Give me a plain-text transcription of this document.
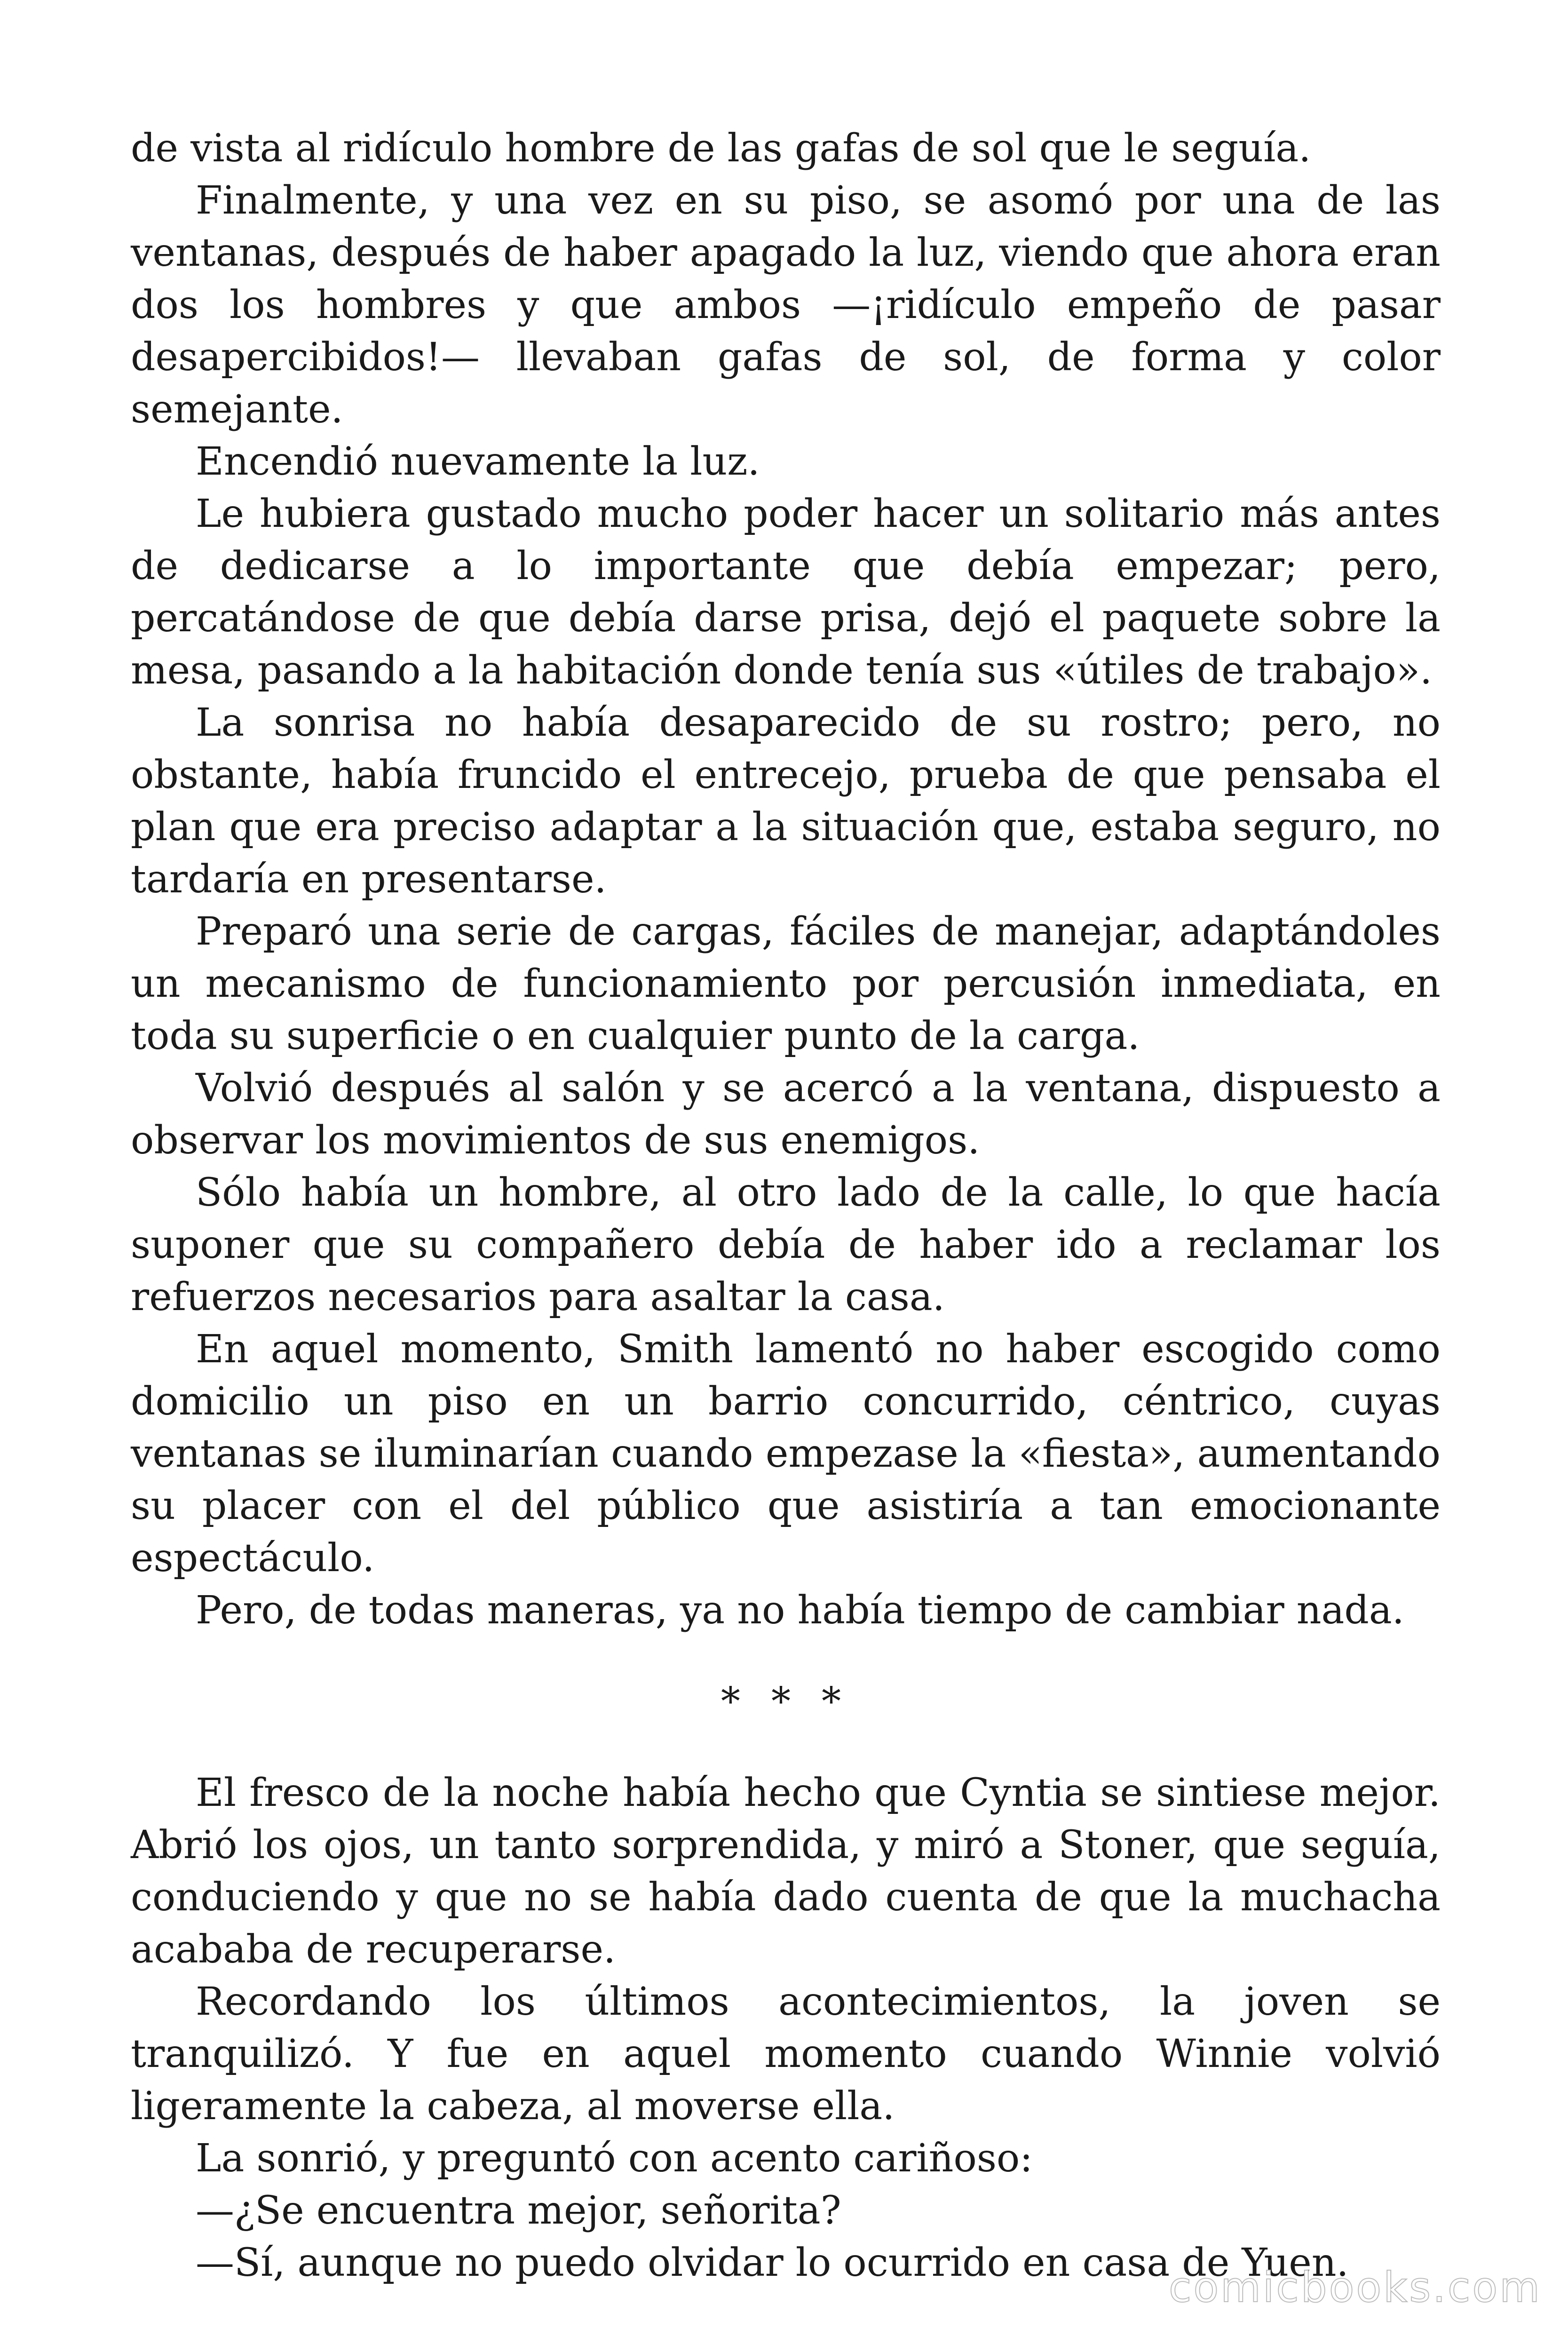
de vista al ridículo hombre de las gafas de sol que le seguía.

Finalmente, y una vez en su piso, se asomó por una de las ventanas, después de haber apagado la luz, viendo que ahora eran dos los hombres y que ambos —¡ridículo empeño de pasar desapercibidos!— llevaban gafas de sol, de forma y color semejante.

Encendió nuevamente la luz.

Le hubiera gustado mucho poder hacer un solitario más antes de dedicarse a lo importante que debía empezar; pero, percatándose de que debía darse prisa, dejó el paquete sobre la mesa, pasando a la habitación donde tenía sus «útiles de trabajo».

La sonrisa no había desaparecido de su rostro; pero, no obstante, había fruncido el entrecejo, prueba de que pensaba el plan que era preciso adaptar a la situación que, estaba seguro, no tardaría en presentarse.

Preparó una serie de cargas, fáciles de manejar, adaptándoles un mecanismo de funcionamiento por percusión inmediata, en toda su superficie o en cualquier punto de la carga.

Volvió después al salón y se acercó a la ventana, dispuesto a observar los movimientos de sus enemigos.

Sólo había un hombre, al otro lado de la calle, lo que hacía suponer que su compañero debía de haber ido a reclamar los refuerzos necesarios para asaltar la casa.

En aquel momento, Smith lamentó no haber escogido como domicilio un piso en un barrio concurrido, céntrico, cuyas ventanas se iluminarían cuando empezase la «fiesta», aumentando su placer con el del público que asistiría a tan emocionante espectáculo.

Pero, de todas maneras, ya no había tiempo de cambiar nada.

* * *

El fresco de la noche había hecho que Cyntia se sintiese mejor. Abrió los ojos, un tanto sorprendida, y miró a Stoner, que seguía, conduciendo y que no se había dado cuenta de que la muchacha acababa de recuperarse.

Recordando los últimos acontecimientos, la joven se tranquilizó. Y fue en aquel momento cuando Winnie volvió ligeramente la cabeza, al moverse ella.

La sonrió, y preguntó con acento cariñoso:

—¿Se encuentra mejor, señorita?

—Sí, aunque no puedo olvidar lo ocurrido en casa de Yuen.

comicbooks.com
